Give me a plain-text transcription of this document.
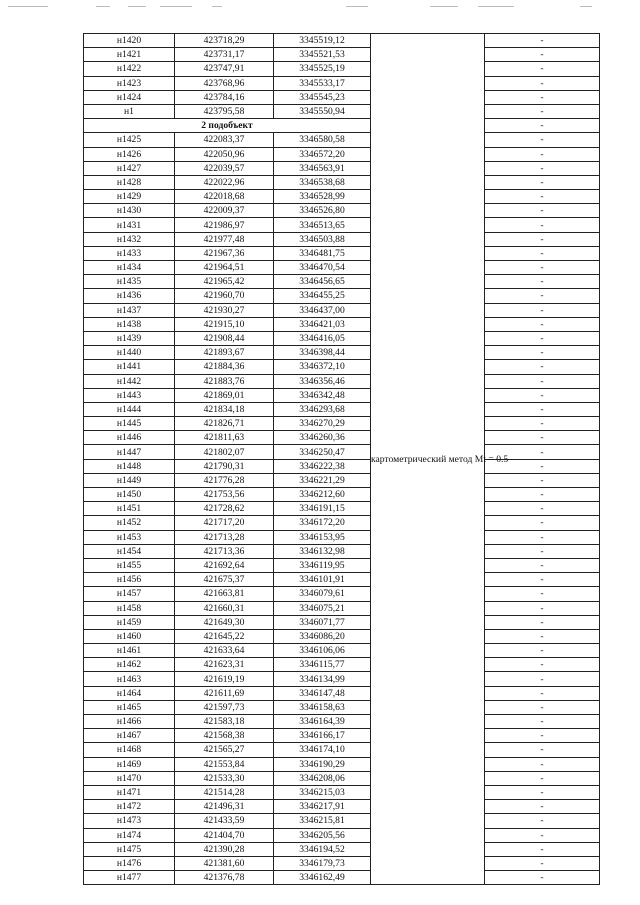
н1420	423718,29	3345519,12	картометрический метод Mt = 0.5	-
н1421	423731,17	3345521,53		-
н1422	423747,91	3345525,19		-
н1423	423768,96	3345533,17		-
н1424	423784,16	3345545,23		-
н1	423795,58	3345550,94		-
2 подобъект				-
н1425	422083,37	3346580,58		-
н1426	422050,96	3346572,20		-
н1427	422039,57	3346563,91		-
н1428	422022,96	3346538,68		-
н1429	422018,68	3346528,99		-
н1430	422009,37	3346526,80		-
н1431	421986,97	3346513,65		-
н1432	421977,48	3346503,88		-
н1433	421967,36	3346481,75		-
н1434	421964,51	3346470,54		-
н1435	421965,42	3346456,65		-
н1436	421960,70	3346455,25		-
н1437	421930,27	3346437,00		-
н1438	421915,10	3346421,03		-
н1439	421908,44	3346416,05		-
н1440	421893,67	3346398,44		-
н1441	421884,36	3346372,10		-
н1442	421883,76	3346356,46		-
н1443	421869,01	3346342,48		-
н1444	421834,18	3346293,68		-
н1445	421826,71	3346270,29		-
н1446	421811,63	3346260,36		-
н1447	421802,07	3346250,47		-
н1448	421790,31	3346222,38		-
н1449	421776,28	3346221,29		-
н1450	421753,56	3346212,60		-
н1451	421728,62	3346191,15		-
н1452	421717,20	3346172,20		-
н1453	421713,28	3346153,95		-
н1454	421713,36	3346132,98		-
н1455	421692,64	3346119,95		-
н1456	421675,37	3346101,91		-
н1457	421663,81	3346079,61		-
н1458	421660,31	3346075,21		-
н1459	421649,30	3346071,77		-
н1460	421645,22	3346086,20		-
н1461	421633,64	3346106,06		-
н1462	421623,31	3346115,77		-
н1463	421619,19	3346134,99		-
н1464	421611,69	3346147,48		-
н1465	421597,73	3346158,63		-
н1466	421583,18	3346164,39		-
н1467	421568,38	3346166,17		-
н1468	421565,27	3346174,10		-
н1469	421553,84	3346190,29		-
н1470	421533,30	3346208,06		-
н1471	421514,28	3346215,03		-
н1472	421496,31	3346217,91		-
н1473	421433,59	3346215,81		-
н1474	421404,70	3346205,56		-
н1475	421390,28	3346194,52		-
н1476	421381,60	3346179,73		-
н1477	421376,78	3346162,49		-
